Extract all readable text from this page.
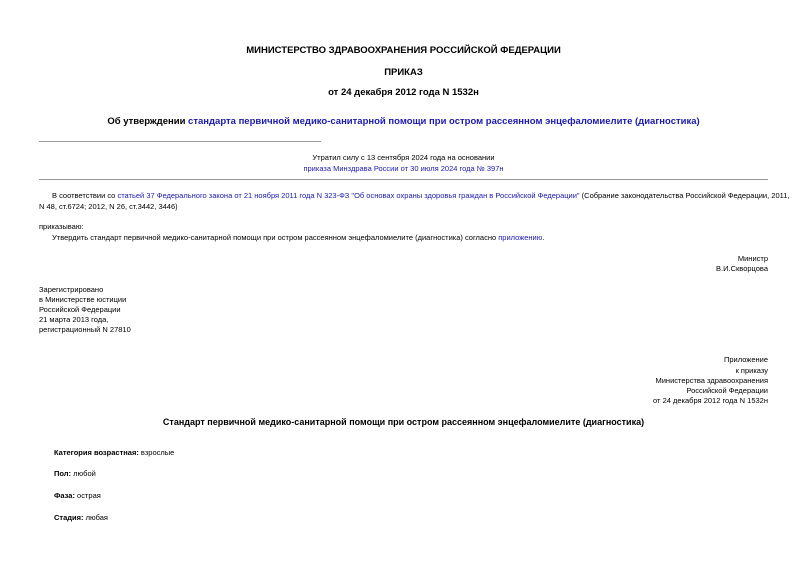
МИНИСТЕРСТВО ЗДРАВООХРАНЕНИЯ РОССИЙСКОЙ ФЕДЕРАЦИИ
ПРИКАЗ
от 24 декабря 2012 года N 1532н
Об утверждении стандарта первичной медико-санитарной помощи при остром рассеянном энцефаломиелите (диагностика)
Утратил силу с 13 сентября 2024 года на основании
приказа Минздрава России от 30 июля 2024 года № 397н
В соответствии со статьей 37 Федерального закона от 21 ноября 2011 года N 323-ФЗ "Об основах охраны здоровья граждан в Российской Федерации" (Собрание законодательства Российской Федерации, 2011,
N 48, ст.6724; 2012, N 26, ст.3442, 3446)
приказываю:
Утвердить стандарт первичной медико-санитарной помощи при остром рассеянном энцефаломиелите (диагностика) согласно приложению.
Министр
В.И.Скворцова
Зарегистрировано
в Министерстве юстиции
Российской Федерации
21 марта 2013 года,
регистрационный N 27810
Приложение
к приказу
Министерства здравоохранения
Российской Федерации
от 24 декабря 2012 года N 1532н
Стандарт первичной медико-санитарной помощи при остром рассеянном энцефаломиелите (диагностика)
Категория возрастная: взрослые
Пол: любой
Фаза: острая
Стадия: любая
